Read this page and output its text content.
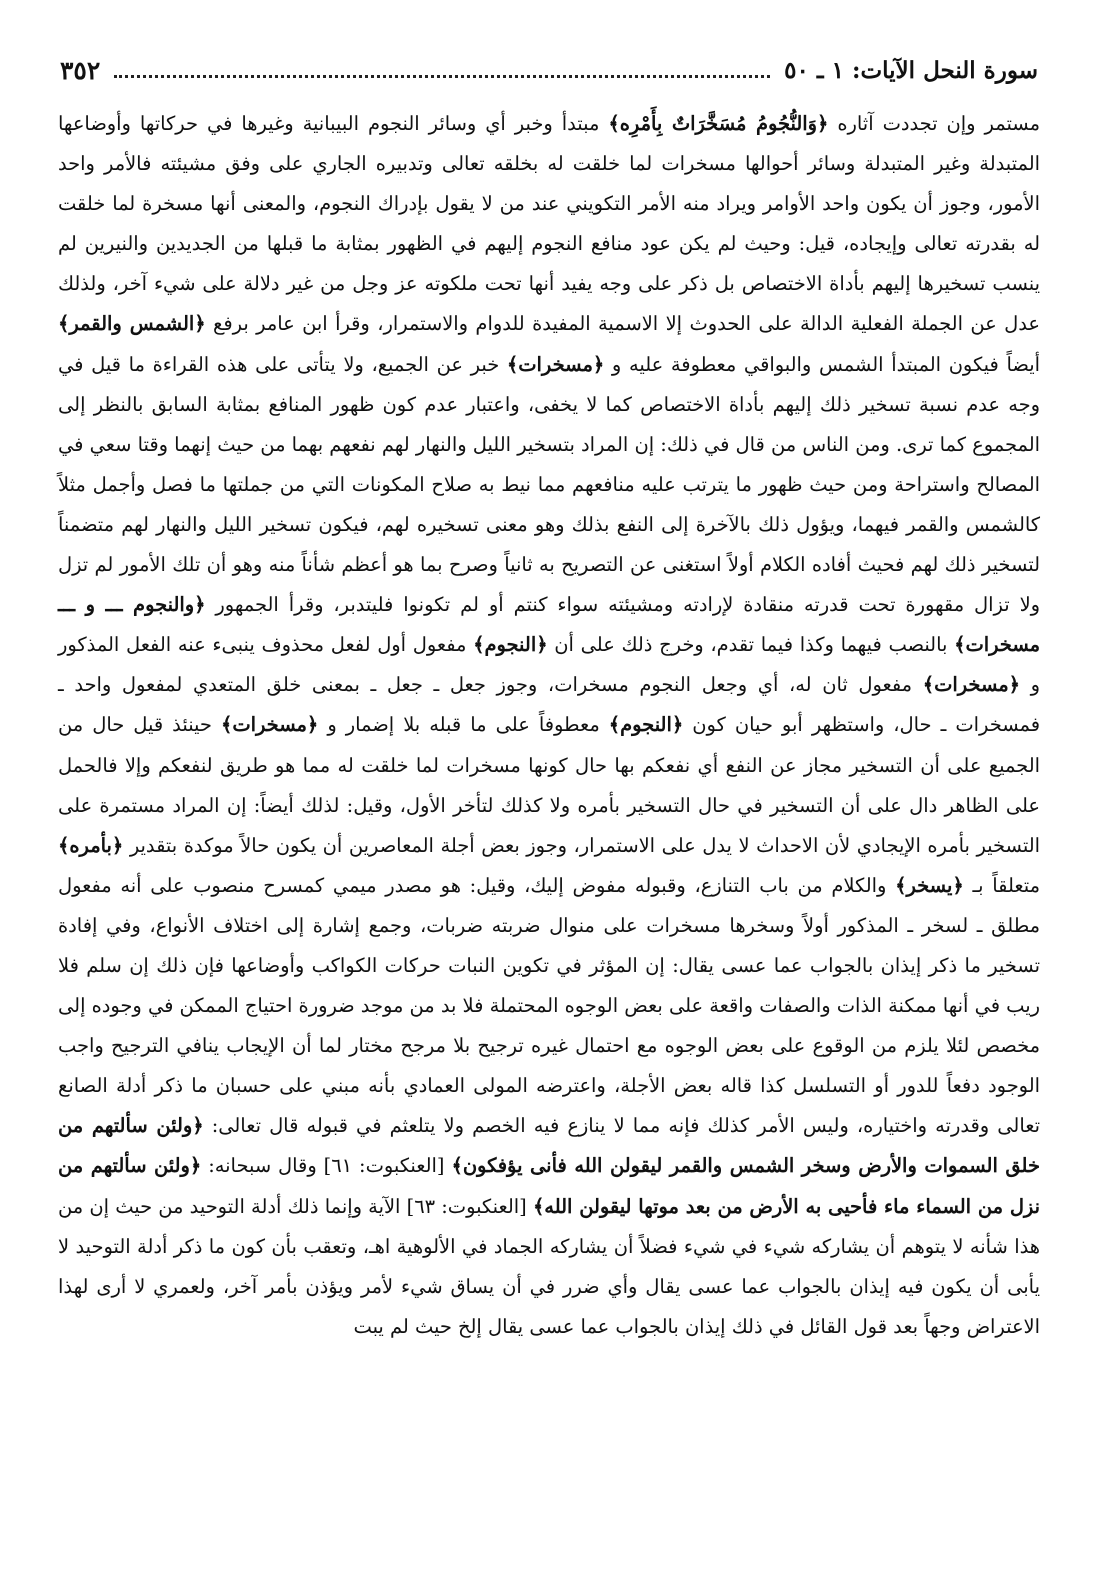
٣٥٢	سورة النحل الآيات: ١ ـ ٥٠

مستمر وإن تجددت آثاره ﴿وَالنُّجُومُ مُسَخَّرَاتٌ بِأَمْرِه﴾ مبتدأ وخبر أي وسائر النجوم البيبانية وغيرها في حركاتها وأوضاعها المتبدلة وغير المتبدلة وسائر أحوالها مسخرات لما خلقت له بخلقه تعالى وتدبيره الجاري على وفق مشيئته فالأمر واحد الأمور، وجوز أن يكون واحد الأوامر ويراد منه الأمر التكويني عند من لا يقول بإدراك النجوم، والمعنى أنها مسخرة لما خلقت له بقدرته تعالى وإيجاده، قيل: وحيث لم يكن عود منافع النجوم إليهم في الظهور بمثابة ما قبلها من الجديدين والنيرين لم ينسب تسخيرها إليهم بأداة الاختصاص بل ذكر على وجه يفيد أنها تحت ملكوته عز وجل من غير دلالة على شيء آخر، ولذلك عدل عن الجملة الفعلية الدالة على الحدوث إلا الاسمية المفيدة للدوام والاستمرار، وقرأ ابن عامر برفع ﴿الشمس والقمر﴾ أيضاً فيكون المبتدأ الشمس والبواقي معطوفة عليه و ﴿مسخرات﴾ خبر عن الجميع، ولا يتأتى على هذه القراءة ما قيل في وجه عدم نسبة تسخير ذلك إليهم بأداة الاختصاص كما لا يخفى، واعتبار عدم كون ظهور المنافع بمثابة السابق بالنظر إلى المجموع كما ترى. ومن الناس من قال في ذلك: إن المراد بتسخير الليل والنهار لهم نفعهم بهما من حيث إنهما وقتا سعي في المصالح واستراحة ومن حيث ظهور ما يترتب عليه منافعهم مما نيط به صلاح المكونات التي من جملتها ما فصل وأجمل مثلاً كالشمس والقمر فيهما، ويؤول ذلك بالآخرة إلى النفع بذلك وهو معنى تسخيره لهم، فيكون تسخير الليل والنهار لهم متضمناً لتسخير ذلك لهم فحيث أفاده الكلام أولاً استغنى عن التصريح به ثانياً وصرح بما هو أعظم شأناً منه وهو أن تلك الأمور لم تزل ولا تزال مقهورة تحت قدرته منقادة لإرادته ومشيئته سواء كنتم أو لم تكونوا فليتدبر، وقرأ الجمهور ﴿والنجوم ـــ و ـــ مسخرات﴾ بالنصب فيهما وكذا فيما تقدم، وخرج ذلك على أن ﴿النجوم﴾ مفعول أول لفعل محذوف ينبىء عنه الفعل المذكور و ﴿مسخرات﴾ مفعول ثان له، أي وجعل النجوم مسخرات، وجوز جعل ـ جعل ـ بمعنى خلق المتعدي لمفعول واحد ـ فمسخرات ـ حال، واستظهر أبو حيان كون ﴿النجوم﴾ معطوفاً على ما قبله بلا إضمار و ﴿مسخرات﴾ حينئذ قيل حال من الجميع على أن التسخير مجاز عن النفع أي نفعكم بها حال كونها مسخرات لما خلقت له مما هو طريق لنفعكم وإلا فالحمل على الظاهر دال على أن التسخير في حال التسخير بأمره ولا كذلك لتأخر الأول، وقيل: لذلك أيضاً: إن المراد مستمرة على التسخير بأمره الإيجادي لأن الاحداث لا يدل على الاستمرار، وجوز بعض أجلة المعاصرين أن يكون حالاً موكدة بتقدير ﴿بأمره﴾ متعلقاً بـ ﴿يسخر﴾ والكلام من باب التنازع، وقبوله مفوض إليك، وقيل: هو مصدر ميمي كمسرح منصوب على أنه مفعول مطلق ـ لسخر ـ المذكور أولاً وسخرها مسخرات على منوال ضربته ضربات، وجمع إشارة إلى اختلاف الأنواع، وفي إفادة تسخير ما ذكر إيذان بالجواب عما عسى يقال: إن المؤثر في تكوين النبات حركات الكواكب وأوضاعها فإن ذلك إن سلم فلا ريب في أنها ممكنة الذات والصفات واقعة على بعض الوجوه المحتملة فلا بد من موجد ضرورة احتياج الممكن في وجوده إلى مخصص لئلا يلزم من الوقوع على بعض الوجوه مع احتمال غيره ترجيح بلا مرجح مختار لما أن الإيجاب ينافي الترجيح واجب الوجود دفعاً للدور أو التسلسل كذا قاله بعض الأجلة، واعترضه المولى العمادي بأنه مبني على حسبان ما ذكر أدلة الصانع تعالى وقدرته واختياره، وليس الأمر كذلك فإنه مما لا ينازع فيه الخصم ولا يتلعثم في قبوله قال تعالى: ﴿ولئن سألتهم من خلق السموات والأرض وسخر الشمس والقمر ليقولن الله فأنى يؤفكون﴾ [العنكبوت: ٦١] وقال سبحانه: ﴿ولئن سألتهم من نزل من السماء ماء فأحيى به الأرض من بعد موتها ليقولن الله﴾ [العنكبوت: ٦٣] الآية وإنما ذلك أدلة التوحيد من حيث إن من هذا شأنه لا يتوهم أن يشاركه شيء في شيء فضلاً أن يشاركه الجماد في الألوهية اهـ، وتعقب بأن كون ما ذكر أدلة التوحيد لا يأبى أن يكون فيه إيذان بالجواب عما عسى يقال وأي ضرر في أن يساق شيء لأمر ويؤذن بأمر آخر، ولعمري لا أرى لهذا الاعتراض وجهاً بعد قول القائل في ذلك إيذان بالجواب عما عسى يقال إلخ حيث لم يبت
